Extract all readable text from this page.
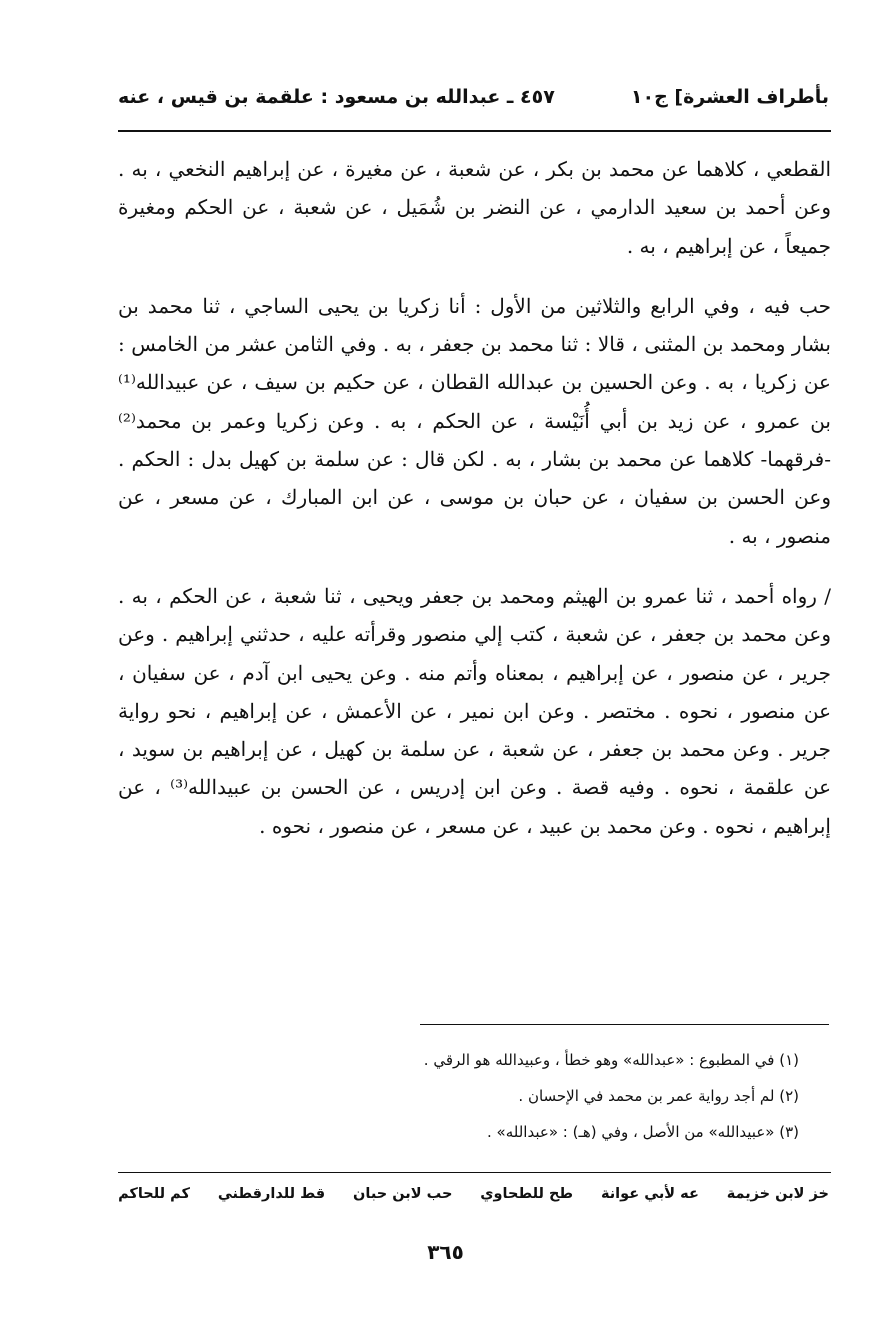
بأطراف العشرة] ج١٠
٤٥٧ ـ عبدالله بن مسعود : علقمة بن قيس ، عنه

القطعي ، كلاهما عن محمد بن بكر ، عن شعبة ، عن مغيرة ، عن إبراهيم النخعي ، به . وعن أحمد بن سعيد الدارمي ، عن النضر بن شُمَيل ، عن شعبة ، عن الحكم ومغيرة جميعاً ، عن إبراهيم ، به .

حب فيه ، وفي الرابع والثلاثين من الأول : أنا زكريا بن يحيى الساجي ، ثنا محمد بن بشار ومحمد بن المثنى ، قالا : ثنا محمد بن جعفر ، به . وفي الثامن عشر من الخامس : عن زكريا ، به . وعن الحسين بن عبدالله القطان ، عن حكيم بن سيف ، عن عبيدالله⁽¹⁾ بن عمرو ، عن زيد بن أبي أُنَيْسة ، عن الحكم ، به . وعن زكريا وعمر بن محمد⁽²⁾ -فرقهما- كلاهما عن محمد بن بشار ، به . لكن قال : عن سلمة بن كهيل بدل : الحكم . وعن الحسن بن سفيان ، عن حبان بن موسى ، عن ابن المبارك ، عن مسعر ، عن منصور ، به .

/ رواه أحمد ، ثنا عمرو بن الهيثم ومحمد بن جعفر ويحيى ، ثنا شعبة ، عن الحكم ، به . وعن محمد بن جعفر ، عن شعبة ، كتب إلي منصور وقرأته عليه ، حدثني إبراهيم . وعن جرير ، عن منصور ، عن إبراهيم ، بمعناه وأتم منه . وعن يحيى ابن آدم ، عن سفيان ، عن منصور ، نحوه . مختصر . وعن ابن نمير ، عن الأعمش ، عن إبراهيم ، نحو رواية جرير . وعن محمد بن جعفر ، عن شعبة ، عن سلمة بن كهيل ، عن إبراهيم بن سويد ، عن علقمة ، نحوه . وفيه قصة . وعن ابن إدريس ، عن الحسن بن عبيدالله⁽³⁾ ، عن إبراهيم ، نحوه . وعن محمد بن عبيد ، عن مسعر ، عن منصور ، نحوه .

(١) في المطبوع : «عبدالله» وهو خطأ ، وعبيدالله هو الرقي .
(٢) لم أجد رواية عمر بن محمد في الإحسان .
(٣) «عبيدالله» من الأصل ، وفي (هـ) : «عبدالله» .
خز لابن خزيمة
عه لأبي عوانة
طح للطحاوي
حب لابن حبان
قط للدارقطني
كم للحاكم
٣٦٥
